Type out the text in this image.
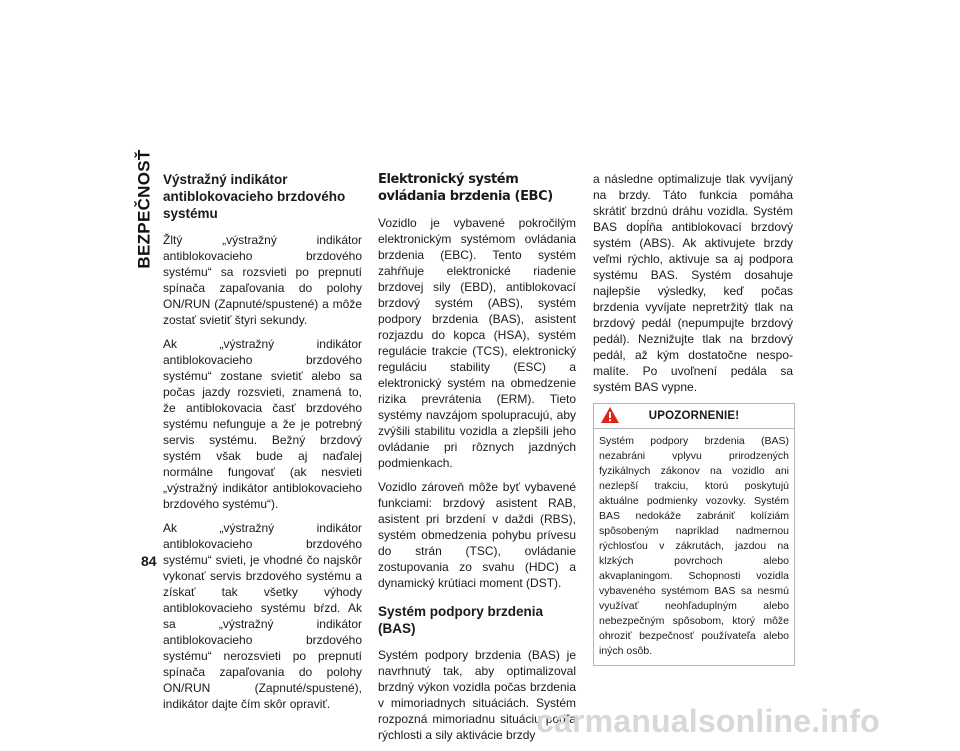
BEZPEČNOSŤ Výstražný indikátor antiblokovacieho brzdového systému

Žltý „výstražný indikátor antiblokovacieho brzdového systému“ sa rozsvieti po prepnutí spínača zapaľovania do polohy ON/RUN (Zapnuté/spustené) a môže zostať svietiť štyri sekundy.

Ak „výstražný indikátor antiblokovacieho brzdového systému“ zostane svietiť alebo sa počas jazdy rozsvieti, znamená to, že antiblokovacia časť brzdového systému nefunguje a že je potrebný servis systému. Bežný brzdový systém však bude aj naďalej normálne fungovať (ak nesvieti „výstražný indikátor antiblokovacieho brzdového systému“).

Ak „výstražný indikátor antiblokovacieho brzdového systému“ svieti, je vhodné čo najskôr vykonať servis brzdového systému a získať tak všetky výhody antiblokovacieho systému bŕzd. Ak sa „výstražný indikátor antiblokovacieho brzdového systému“ nerozsvieti po prepnutí spínača zapaľovania do polohy ON/RUN (Zapnuté/spustené), indikátor dajte čím skôr opraviť.

Elektronický systém ovládania brzdenia (EBC)

Vozidlo je vybavené pokročilým elektronickým systémom ovládania brzdenia (EBC). Tento systém zahŕňuje elektronické riadenie brzdovej sily (EBD), antiblokovací brzdový systém (ABS), systém podpory brzdenia (BAS), asistent rozjazdu do kopca (HSA), systém regulácie trakcie (TCS), elektronický reguláciu stability (ESC) a elektronický systém na obmedzenie rizika prevrátenia (ERM). Tieto systémy navzájom spolupracujú, aby zvýšili stabilitu vozidla a zlepšili jeho ovládanie pri rôznych jazdných podmienkach.

Vozidlo zároveň môže byť vybavené funkciami: brzdový asistent RAB, asistent pri brzdení v daždi (RBS), systém obmedzenia pohybu prívesu do strán (TSC), ovládanie zostupovania zo svahu (HDC) a dynamický krútiaci moment (DST).

Systém podpory brzdenia (BAS)

Systém podpory brzdenia (BAS) je navrhnutý tak, aby optimalizoval brzdný výkon vozidla počas brzdenia v mimoriadnych situáciách. Systém rozpozná mimoriadnu situáciu podľa rýchlosti a sily aktivácie brzdy

a následne optimalizuje tlak vyvíjaný na brzdy. Táto funkcia pomáha skrátiť brzdnú dráhu vozidla. Systém BAS dopĺňa antiblokovací brzdový systém (ABS). Ak aktivujete brzdy veľmi rýchlo, aktivuje sa aj podpora systému BAS. Systém dosahuje najlepšie výsledky, keď počas brzdenia vyvíjate nepretržitý tlak na brzdový pedál (nepumpujte brzdový pedál). Neznižujte tlak na brzdový pedál, až kým dostatočne nespomalíte. Po uvoľnení pedála sa systém BAS vypne.

UPOZORNENIE!
Systém podpory brzdenia (BAS) nezabráni vplyvu prirodzených fyzikálnych zákonov na vozidlo ani nezlepší trakciu, ktorú poskytujú aktuálne podmienky vozovky. Systém BAS nedokáže zabrániť kolíziám spôsobeným napríklad nadmernou rýchlosťou v zákrutách, jazdou na klzkých povrchoch alebo akvaplaningom. Schopnosti vozidla vybaveného systémom BAS sa nesmú využívať neohľaduplným alebo nebezpečným spôsobom, ktorý môže ohroziť bezpečnosť používateľa alebo iných osôb.
84
carmanualsonline.info
